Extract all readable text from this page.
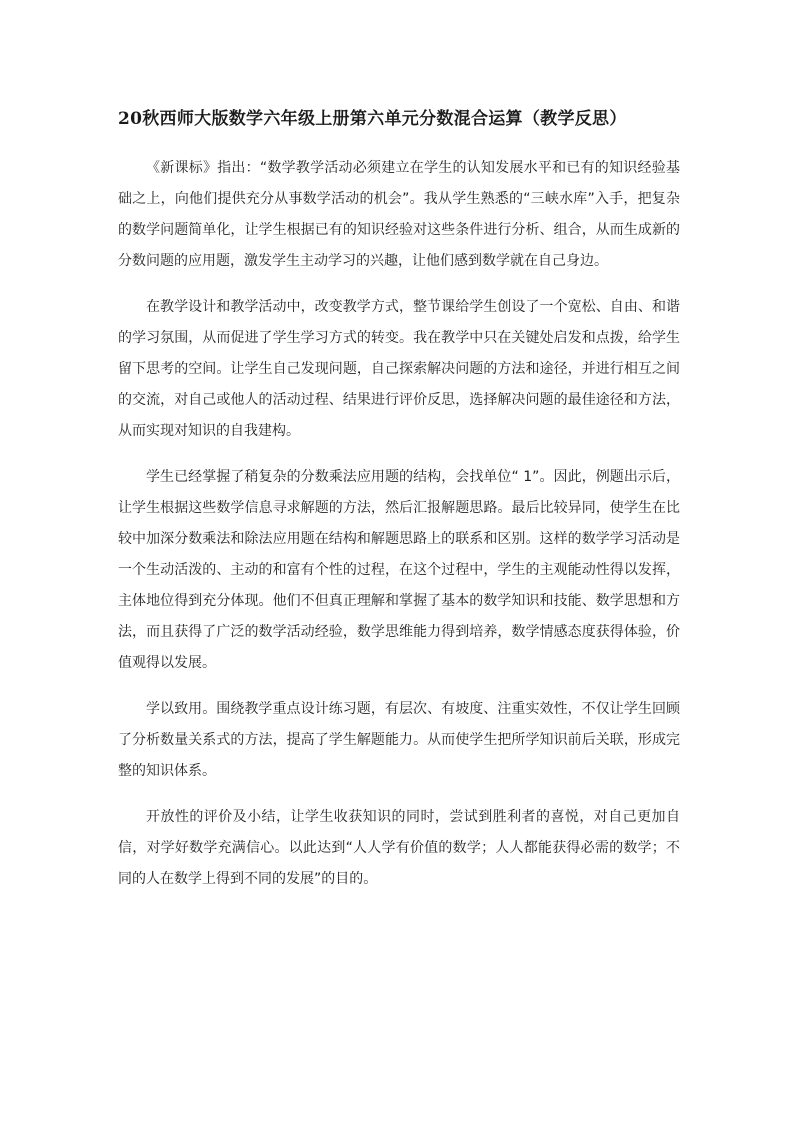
20秋西师大版数学六年级上册第六单元分数混合运算（教学反思）

《新课标》指出：“数学教学活动必须建立在学生的认知发展水平和已有的知识经验基础之上，向他们提供充分从事数学活动的机会”。我从学生熟悉的“三峡水库”入手，把复杂的数学问题简单化，让学生根据已有的知识经验对这些条件进行分析、组合，从而生成新的分数问题的应用题，激发学生主动学习的兴趣，让他们感到数学就在自己身边。

在教学设计和教学活动中，改变教学方式，整节课给学生创设了一个宽松、自由、和谐的学习氛围，从而促进了学生学习方式的转变。我在教学中只在关键处启发和点拨，给学生留下思考的空间。让学生自己发现问题，自己探索解决问题的方法和途径，并进行相互之间的交流，对自己或他人的活动过程、结果进行评价反思，选择解决问题的最佳途径和方法，从而实现对知识的自我建构。

学生已经掌握了稍复杂的分数乘法应用题的结构，会找单位“ 1”。因此，例题出示后，让学生根据这些数学信息寻求解题的方法，然后汇报解题思路。最后比较异同，使学生在比较中加深分数乘法和除法应用题在结构和解题思路上的联系和区别。这样的数学学习活动是一个生动活泼的、主动的和富有个性的过程，在这个过程中，学生的主观能动性得以发挥，主体地位得到充分体现。他们不但真正理解和掌握了基本的数学知识和技能、数学思想和方法，而且获得了广泛的数学活动经验，数学思维能力得到培养，数学情感态度获得体验，价值观得以发展。

学以致用。围绕教学重点设计练习题，有层次、有坡度、注重实效性，不仅让学生回顾了分析数量关系式的方法，提高了学生解题能力。从而使学生把所学知识前后关联，形成完整的知识体系。

开放性的评价及小结，让学生收获知识的同时，尝试到胜利者的喜悦，对自己更加自信，对学好数学充满信心。以此达到“人人学有价值的数学；人人都能获得必需的数学；不同的人在数学上得到不同的发展”的目的。
